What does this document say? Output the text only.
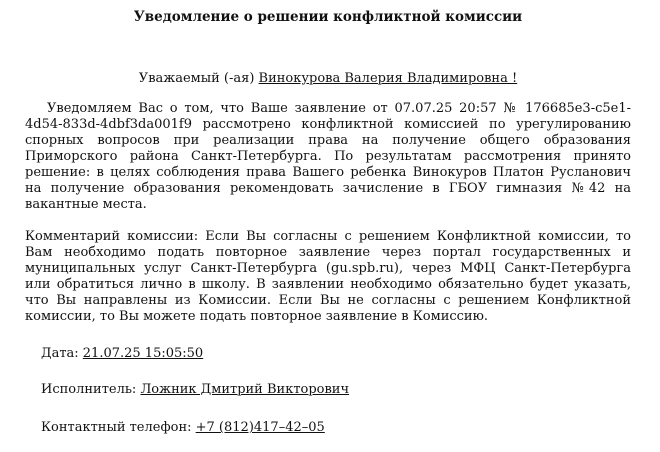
Уведомление о решении конфликтной комиссии
Уважаемый (-ая) Винокурова Валерия Владимировна !
Уведомляем Вас о том, что Ваше заявление от 07.07.25 20:57 № 176685e3-c5e1-4d54-833d-4dbf3da001f9 рассмотрено конфликтной комиссией по урегулированию спорных вопросов при реализации права на получение общего образования Приморского района Санкт-Петербурга. По результатам рассмотрения принято решение: в целях соблюдения права Вашего ребенка Винокуров Платон Русланович на получение образования рекомендовать зачисление в ГБОУ гимназия №42 на вакантные места.
Комментарий комиссии: Если Вы согласны с решением Конфликтной комиссии, то Вам необходимо подать повторное заявление через портал государственных и муниципальных услуг Санкт-Петербурга (gu.spb.ru), через МФЦ Санкт-Петербурга или обратиться лично в школу. В заявлении необходимо обязательно будет указать, что Вы направлены из Комиссии. Если Вы не согласны с решением Конфликтной комиссии, то Вы можете подать повторное заявление в Комиссию.
Дата: 21.07.25 15:05:50
Исполнитель: Ложник Дмитрий Викторович
Контактный телефон: +7 (812)417–42–05
